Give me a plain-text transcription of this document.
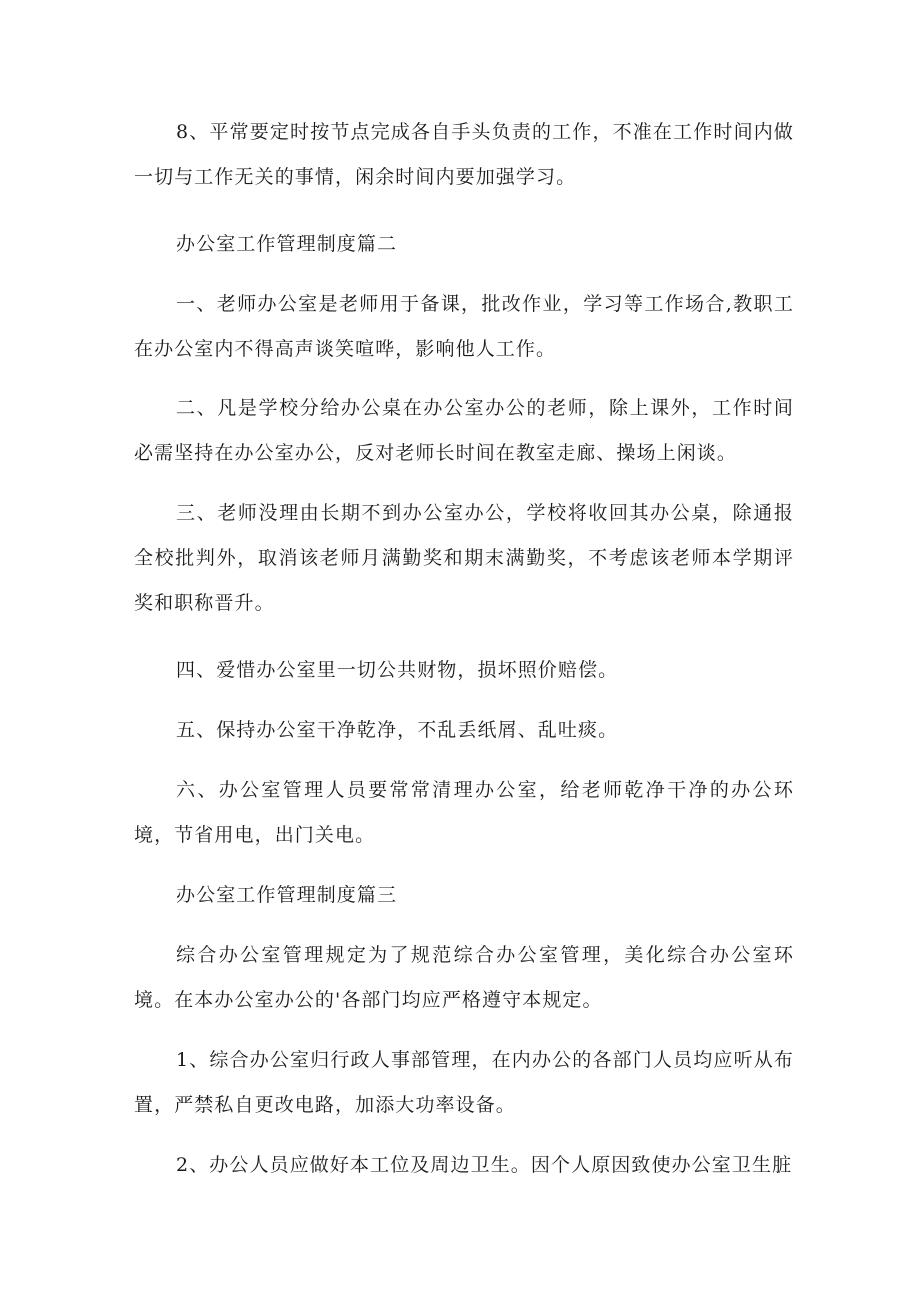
8、平常要定时按节点完成各自手头负责的工作，不准在工作时间内做一切与工作无关的事情，闲余时间内要加强学习。

办公室工作管理制度篇二

一、老师办公室是老师用于备课，批改作业，学习等工作场合,教职工在办公室内不得高声谈笑喧哗，影响他人工作。

二、凡是学校分给办公桌在办公室办公的老师，除上课外，工作时间必需坚持在办公室办公，反对老师长时间在教室走廊、操场上闲谈。

三、老师没理由长期不到办公室办公，学校将收回其办公桌，除通报全校批判外，取消该老师月满勤奖和期末满勤奖，不考虑该老师本学期评奖和职称晋升。

四、爱惜办公室里一切公共财物，损坏照价赔偿。

五、保持办公室干净乾净，不乱丢纸屑、乱吐痰。

六、办公室管理人员要常常清理办公室，给老师乾净干净的办公环境，节省用电，出门关电。

办公室工作管理制度篇三

综合办公室管理规定为了规范综合办公室管理，美化综合办公室环境。在本办公室办公的'各部门均应严格遵守本规定。

1、综合办公室归行政人事部管理，在内办公的各部门人员均应听从布置，严禁私自更改电路，加添大功率设备。

2、办公人员应做好本工位及周边卫生。因个人原因致使办公室卫生脏
